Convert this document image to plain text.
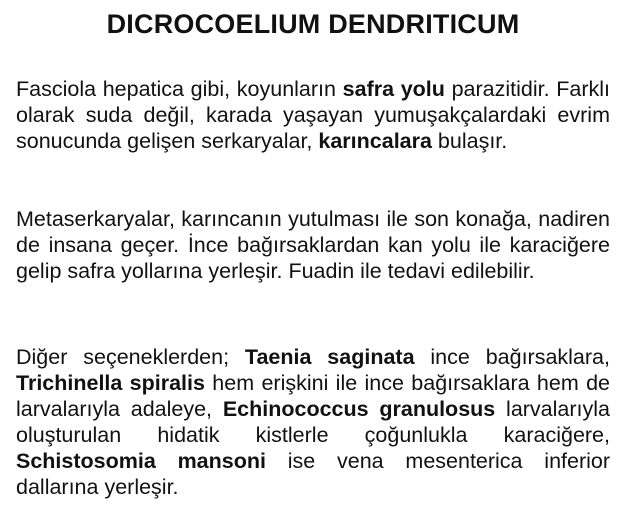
DICROCOELIUM DENDRITICUM

Fasciola hepatica gibi, koyunların safra yolu parazitidir. Farklı olarak suda değil, karada yaşayan yumuşakçalardaki evrim sonucunda gelişen serkaryalar, karıncalara bulaşır.

Metaserkaryalar, karıncanın yutulması ile son konağa, nadiren de insana geçer. İnce bağırsaklardan kan yolu ile karaciğere gelip safra yollarına yerleşir. Fuadin ile tedavi edilebilir.

Diğer seçeneklerden; Taenia saginata ince bağırsaklara, Trichinella spiralis hem erişkini ile ince bağırsaklara hem de larvalarıyla adaleye, Echinococcus granulosus larvalarıyla oluşturulan hidatik kistlerle çoğunlukla karaciğere, Schistosomia mansoni ise vena mesenterica inferior dallarına yerleşir.
